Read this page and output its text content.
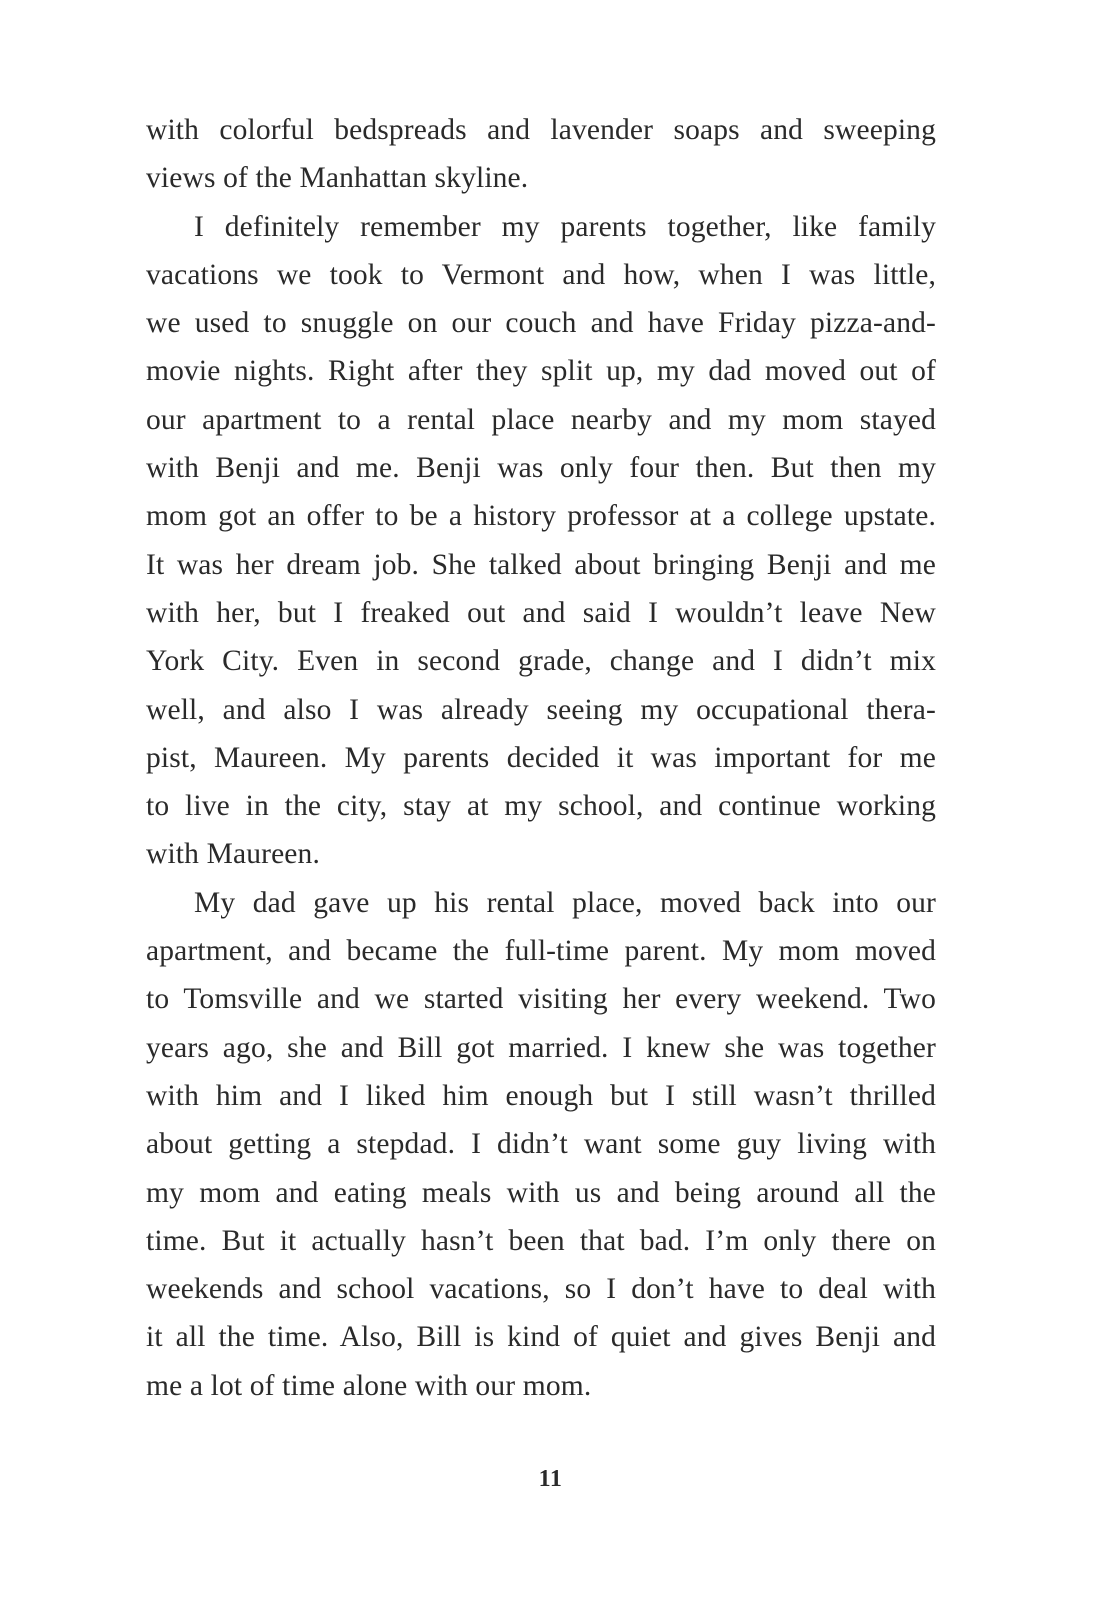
with colorful bedspreads and lavender soaps and sweeping
views of the Manhattan skyline.
I definitely remember my parents together, like family
vacations we took to Vermont and how, when I was little,
we used to snuggle on our couch and have Friday pizza-and-
movie nights. Right after they split up, my dad moved out of
our apartment to a rental place nearby and my mom stayed
with Benji and me. Benji was only four then. But then my
mom got an offer to be a history professor at a college upstate.
It was her dream job. She talked about bringing Benji and me
with her, but I freaked out and said I wouldn’t leave New
York City. Even in second grade, change and I didn’t mix
well, and also I was already seeing my occupational thera-
pist, Maureen. My parents decided it was important for me
to live in the city, stay at my school, and continue working
with Maureen.
My dad gave up his rental place, moved back into our
apartment, and became the full-time parent. My mom moved
to Tomsville and we started visiting her every weekend. Two
years ago, she and Bill got married. I knew she was together
with him and I liked him enough but I still wasn’t thrilled
about getting a stepdad. I didn’t want some guy living with
my mom and eating meals with us and being around all the
time. But it actually hasn’t been that bad. I’m only there on
weekends and school vacations, so I don’t have to deal with
it all the time. Also, Bill is kind of quiet and gives Benji and
me a lot of time alone with our mom.
11
